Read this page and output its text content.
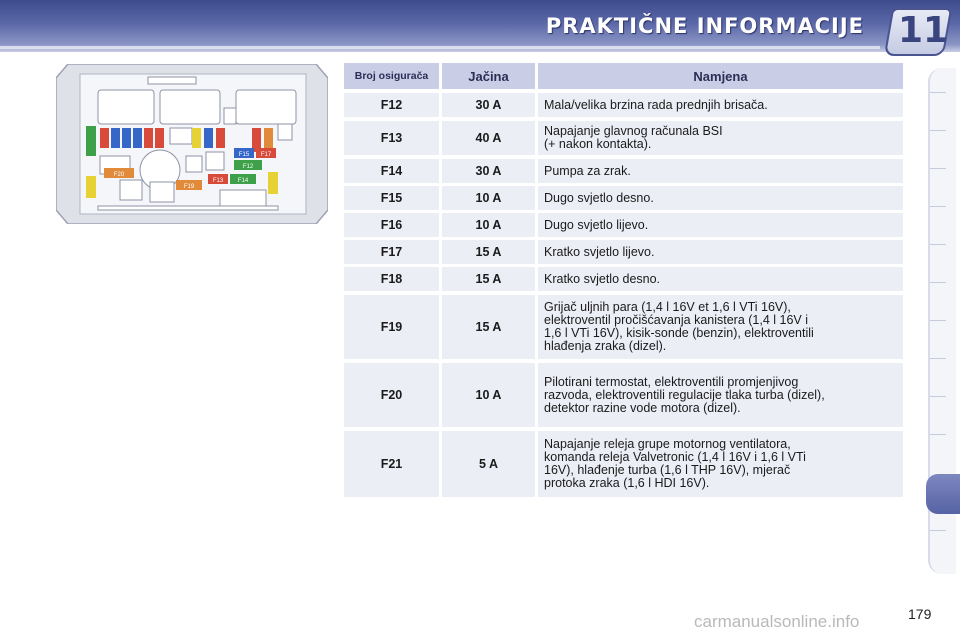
PRAKTIČNE INFORMACIJE 11
F15 F17
F12
F20
F19
F13 F14
Broj osigurača	Jačina	Namjena
F12	30 A	Mala/velika brzina rada prednjih brisača.
F13	40 A	Napajanje glavnog računala BSI
(+ nakon kontakta).
F14	30 A	Pumpa za zrak.
F15	10 A	Dugo svjetlo desno.
F16	10 A	Dugo svjetlo lijevo.
F17	15 A	Kratko svjetlo lijevo.
F18	15 A	Kratko svjetlo desno.
F19	15 A
Grijač uljnih para (1,4 l 16V et 1,6 l VTi 16V),
elektroventil pročišćavanja kanistera (1,4 l 16V i
1,6 l VTi 16V), kisik-sonde (benzin), elektroventili
hlađenja zraka (dizel).
F20	10 A
Pilotirani termostat, elektroventili promjenjivog
razvoda, elektroventili regulacije tlaka turba (dizel),
detektor razine vode motora (dizel).
F21	5 A
Napajanje releja grupe motornog ventilatora,
komanda releja Valvetronic (1,4 l 16V i 1,6 l VTi
16V), hlađenje turba (1,6 l THP 16V), mjerač
protoka zraka (1,6 l HDI 16V).
179
carmanualsonline.info
